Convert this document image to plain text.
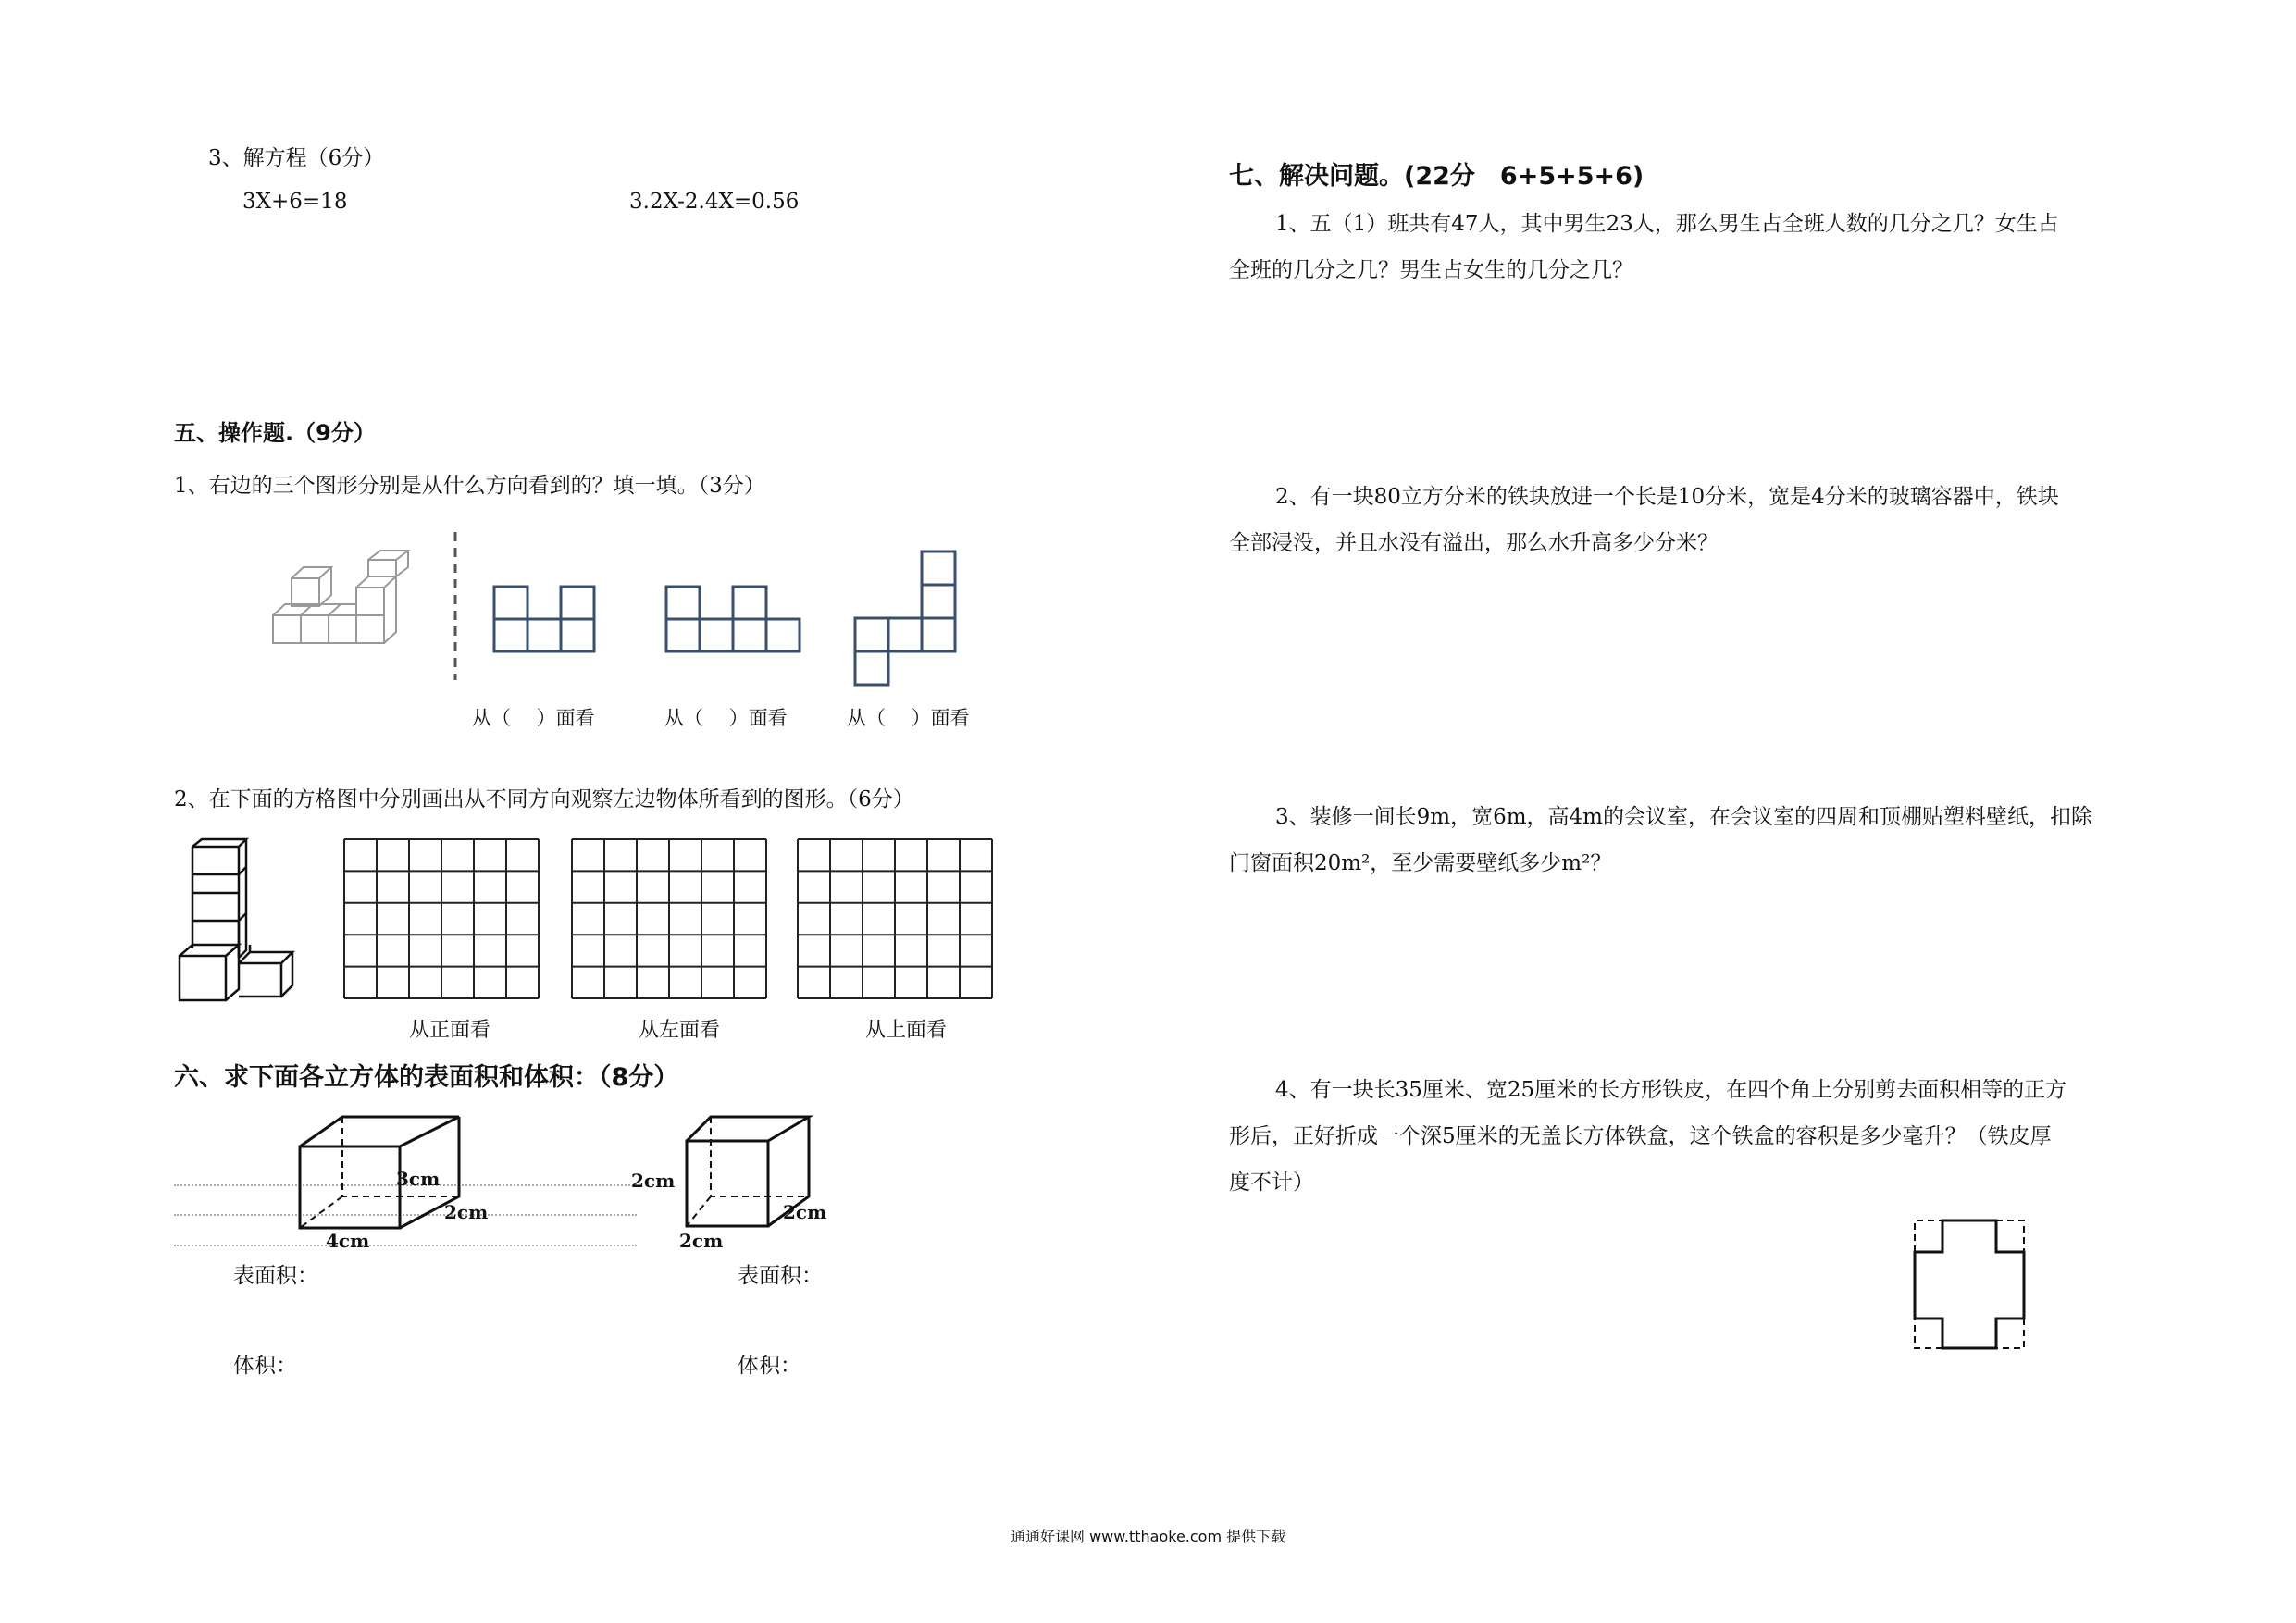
3、解方程（6分）
3X+6=18	3.2X-2.4X=0.56
五、操作题.（9分）
1、右边的三个图形分别是从什么方向看到的？填一填。（3分）
从（　 ）面看	从（　 ）面看	从（　 ）面看
2、在下面的方格图中分别画出从不同方向观察左边物体所看到的图形。（6分）
从正面看	从左面看	从上面看
六、求下面各立方体的表面积和体积：（8分）
3cm
2cm
4cm
2cm
2cm
2cm
表面积：	表面积：
体积：	体积：
七、解决问题。(22分　6+5+5+6)
1、五（1）班共有47人，其中男生23人，那么男生占全班人数的几分之几？女生占
全班的几分之几？男生占女生的几分之几？
2、有一块80立方分米的铁块放进一个长是10分米，宽是4分米的玻璃容器中，铁块
全部浸没，并且水没有溢出，那么水升高多少分米？
3、装修一间长9m，宽6m，高4m的会议室，在会议室的四周和顶棚贴塑料壁纸，扣除
门窗面积20m²，至少需要壁纸多少m²？
4、有一块长35厘米、宽25厘米的长方形铁皮，在四个角上分别剪去面积相等的正方
形后，正好折成一个深5厘米的无盖长方体铁盒，这个铁盒的容积是多少毫升？（铁皮厚
度不计）
通通好课网 www.tthaoke.com 提供下载
